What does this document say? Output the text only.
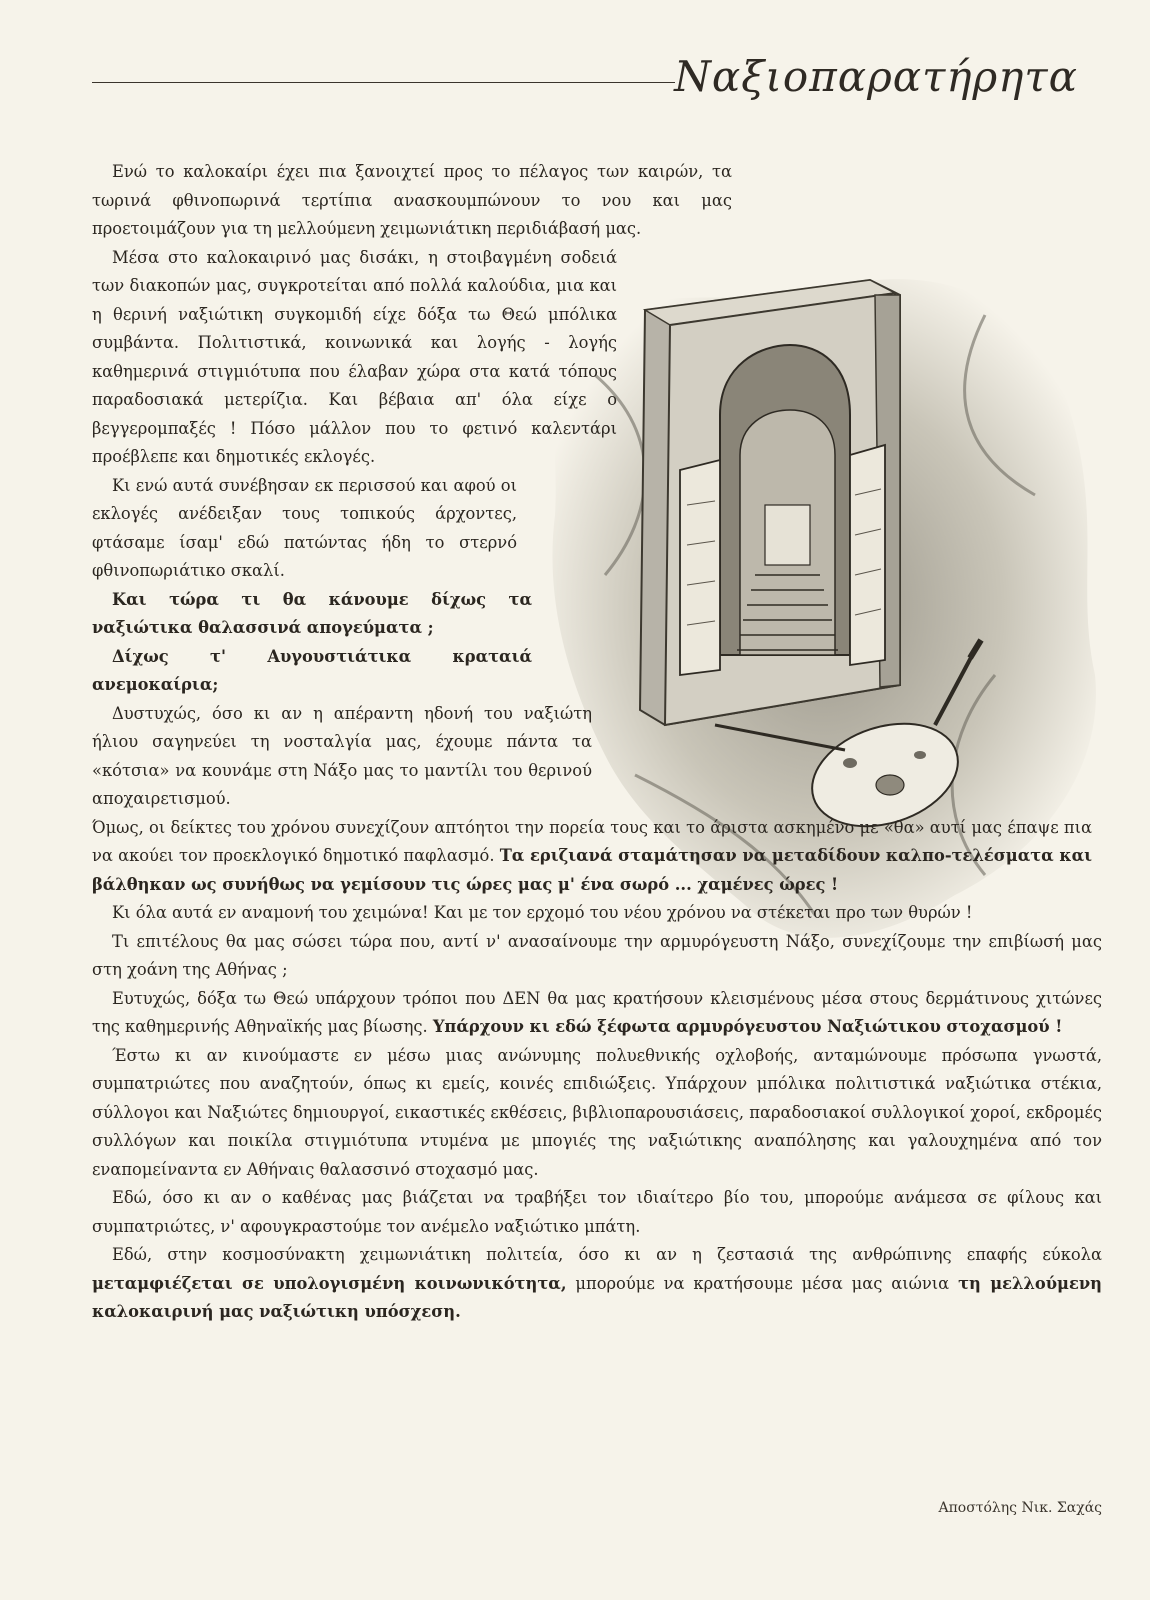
Ναξιοπαρατήρητα

Ενώ το καλοκαίρι έχει πια ξανοιχτεί προς το πέλαγος των καιρών, τα τωρινά φθινοπωρινά τερτίπια ανασκουμπώνουν το νου και μας προετοιμάζουν για τη μελλούμενη χειμωνιάτικη περιδιάβασή μας.

Μέσα στο καλοκαιρινό μας δισάκι, η στοιβαγμένη σοδειά των διακοπών μας, συγκροτείται από πολλά καλούδια, μια και η θερινή ναξιώτικη συγκομιδή είχε δόξα τω Θεώ μπόλικα συμβάντα. Πολιτιστικά, κοινωνικά και λογής - λογής καθημερινά στιγμιότυπα που έλαβαν χώρα στα κατά τόπους παραδοσιακά μετερίζια. Και βέβαια απ' όλα είχε ο βεγγερομπαξές ! Πόσο μάλλον που το φετινό καλεντάρι προέβλεπε και δημοτικές εκλογές.

Κι ενώ αυτά συνέβησαν εκ περισσού και αφού οι εκλογές ανέδειξαν τους τοπικούς άρχοντες, φτάσαμε ίσαμ' εδώ πατώντας ήδη το στερνό φθινοπωριάτικο σκαλί.

Και τώρα τι θα κάνουμε δίχως τα ναξιώτικα θαλασσινά απογεύματα ;

Δίχως τ' Αυγουστιάτικα κραταιά ανεμοκαίρια;

Δυστυχώς, όσο κι αν η απέραντη ηδονή του ναξιώτη ήλιου σαγηνεύει τη νοσταλγία μας, έχουμε πάντα τα «κότσια» να κουνάμε στη Νάξο μας το μαντίλι του θερινού αποχαιρετισμού.

Όμως, οι δείκτες του χρόνου συνεχίζουν απτόητοι την πορεία τους και το άριστα ασκημένο με «θα» αυτί μας έπαψε πια να ακούει τον προεκλογικό δημοτικό παφλασμό. Τα εριζιανά σταμάτησαν να μεταδίδουν καλπο-τελέσματα και βάλθηκαν ως συνήθως να γεμίσουν τις ώρες μας μ' ένα σωρό ... χαμένες ώρες !

Κι όλα αυτά εν αναμονή του χειμώνα! Και με τον ερχομό του νέου χρόνου να στέκεται προ των θυρών !

Τι επιτέλους θα μας σώσει τώρα που, αντί ν' ανασαίνουμε την αρμυρόγευστη Νάξο, συνεχίζουμε την επιβίωσή μας στη χοάνη της Αθήνας ;

Ευτυχώς, δόξα τω Θεώ υπάρχουν τρόποι που ΔΕΝ θα μας κρατήσουν κλεισμένους μέσα στους δερμάτινους χιτώνες της καθημερινής Αθηναϊκής μας βίωσης. Υπάρχουν κι εδώ ξέφωτα αρμυρόγευστου Ναξιώτικου στοχασμού !

Έστω κι αν κινούμαστε εν μέσω μιας ανώνυμης πολυεθνικής οχλοβοής, ανταμώνουμε πρόσωπα γνωστά, συμπατριώτες που αναζητούν, όπως κι εμείς, κοινές επιδιώξεις. Υπάρχουν μπόλικα πολιτιστικά ναξιώτικα στέκια, σύλλογοι και Ναξιώτες δημιουργοί, εικαστικές εκθέσεις, βιβλιοπαρουσιάσεις, παραδοσιακοί συλλογικοί χοροί, εκδρομές συλλόγων και ποικίλα στιγμιότυπα ντυμένα με μπογιές της ναξιώτικης αναπόλησης και γαλουχημένα από τον εναπομείναντα εν Αθήναις θαλασσινό στοχασμό μας.

Εδώ, όσο κι αν ο καθένας μας βιάζεται να τραβήξει τον ιδιαίτερο βίο του, μπορούμε ανάμεσα σε φίλους και συμπατριώτες, ν' αφουγκραστούμε τον ανέμελο ναξιώτικο μπάτη.

Εδώ, στην κοσμοσύνακτη χειμωνιάτικη πολιτεία, όσο κι αν η ζεστασιά της ανθρώπινης επαφής εύκολα μεταμφιέζεται σε υπολογισμένη κοινωνικότητα, μπορούμε να κρατήσουμε μέσα μας αιώνια τη μελλούμενη καλοκαιρινή μας ναξιώτικη υπόσχεση.

Αποστόλης Νικ. Σαχάς
